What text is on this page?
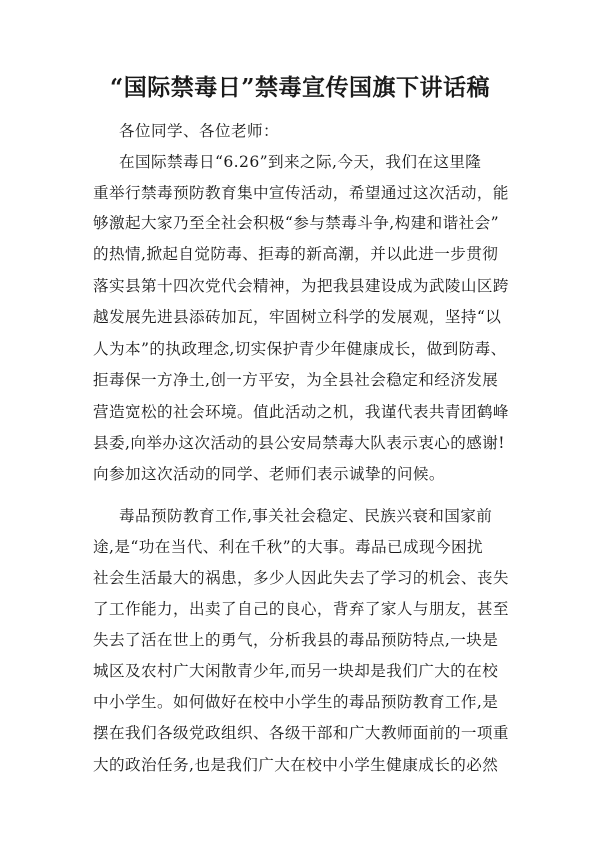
“国际禁毒日”禁毒宣传国旗下讲话稿
各位同学、各位老师：
在国际禁毒日“6.26”到来之际,今天，我们在这里隆
重举行禁毒预防教育集中宣传活动，希望通过这次活动，能
够激起大家乃至全社会积极“参与禁毒斗争,构建和谐社会”
的热情,掀起自觉防毒、拒毒的新高潮，并以此进一步贯彻
落实县第十四次党代会精神，为把我县建设成为武陵山区跨
越发展先进县添砖加瓦，牢固树立科学的发展观，坚持“以
人为本”的执政理念,切实保护青少年健康成长，做到防毒、
拒毒保一方净土,创一方平安，为全县社会稳定和经济发展
营造宽松的社会环境。值此活动之机，我谨代表共青团鹤峰
县委,向举办这次活动的县公安局禁毒大队表示衷心的感谢!
向参加这次活动的同学、老师们表示诚挚的问候。
毒品预防教育工作,事关社会稳定、民族兴衰和国家前
途,是“功在当代、利在千秋”的大事。毒品已成现今困扰
社会生活最大的祸患，多少人因此失去了学习的机会、丧失
了工作能力，出卖了自己的良心，背弃了家人与朋友，甚至
失去了活在世上的勇气，分析我县的毒品预防特点,一块是
城区及农村广大闲散青少年,而另一块却是我们广大的在校
中小学生。如何做好在校中小学生的毒品预防教育工作,是
摆在我们各级党政组织、各级干部和广大教师面前的一项重
大的政治任务,也是我们广大在校中小学生健康成长的必然
